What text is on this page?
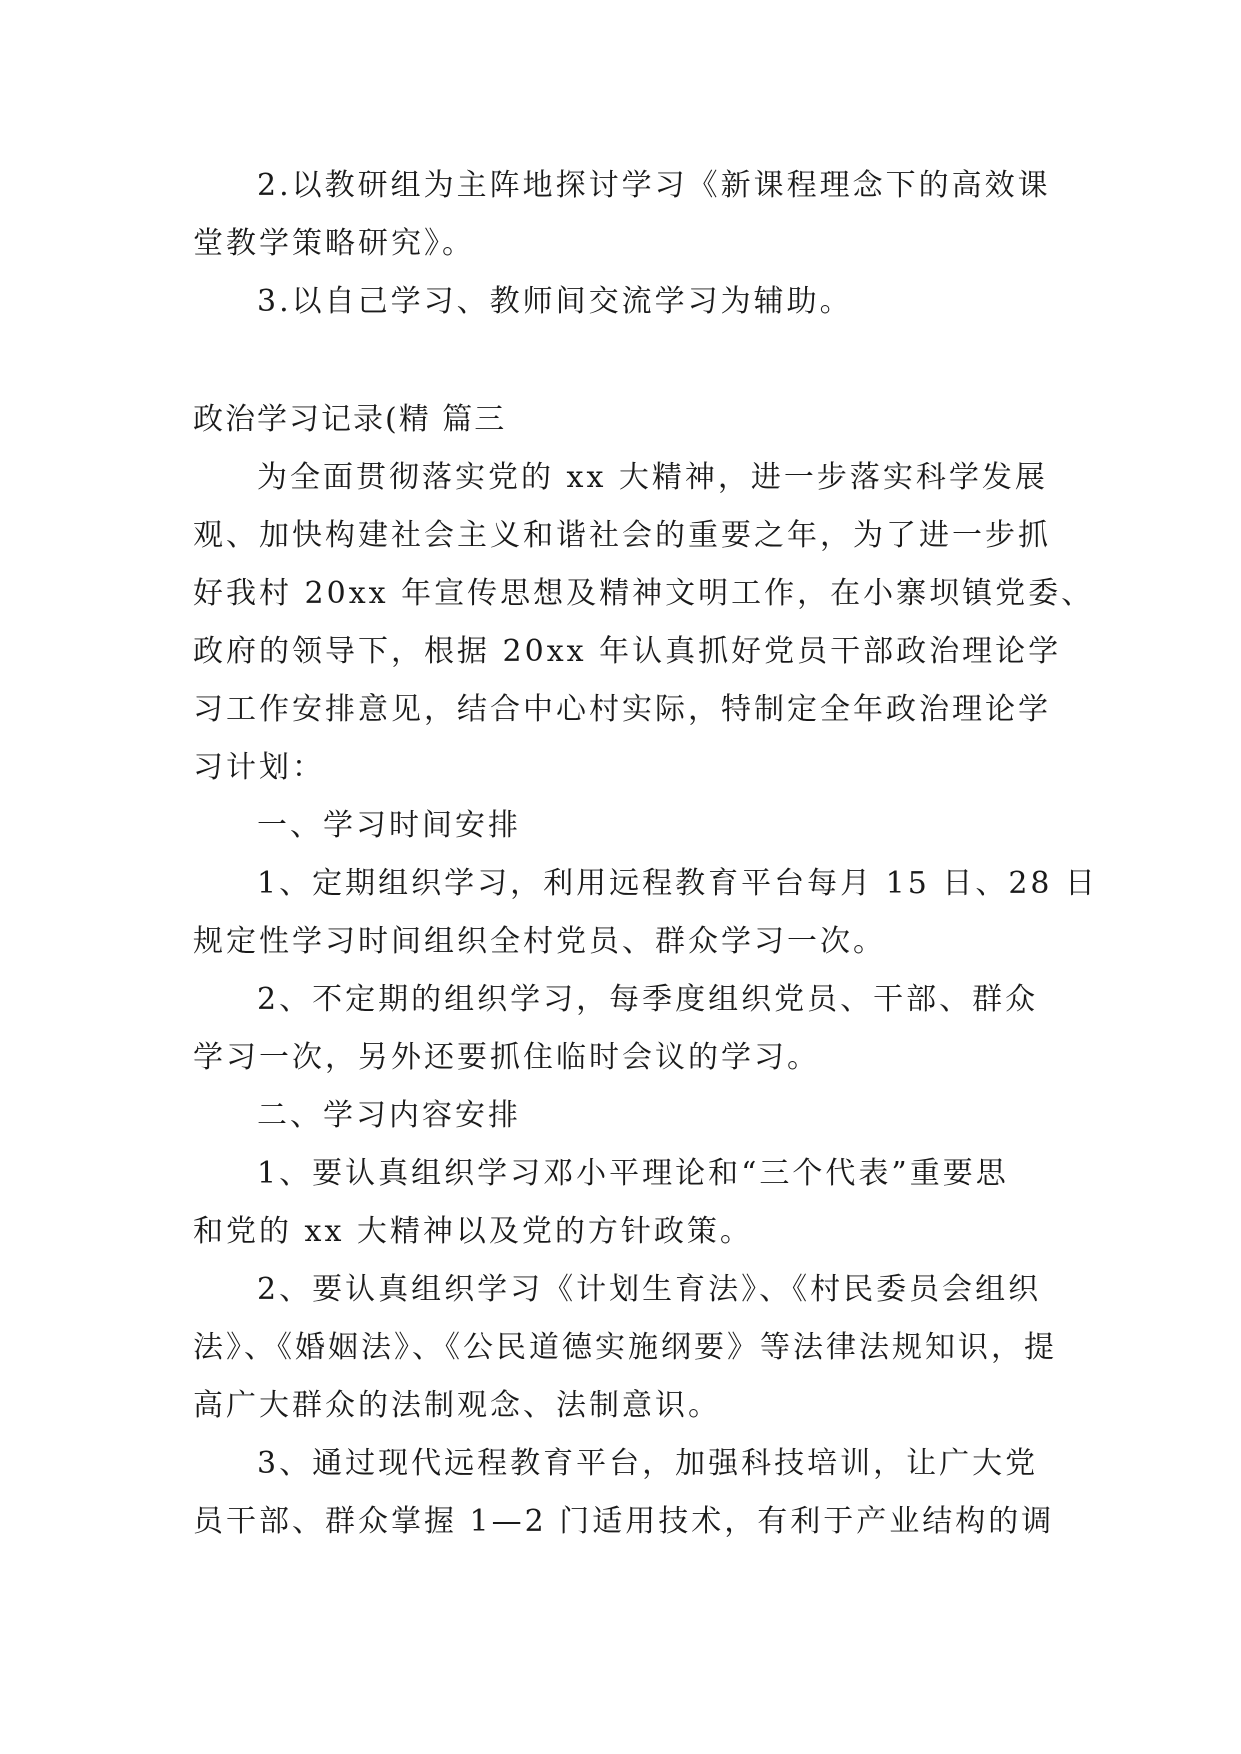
2.以教研组为主阵地探讨学习《新课程理念下的高效课
堂教学策略研究》。
3.以自己学习、教师间交流学习为辅助。
政治学习记录(精 篇三
为全面贯彻落实党的 xx 大精神，进一步落实科学发展
观、加快构建社会主义和谐社会的重要之年，为了进一步抓
好我村 20xx 年宣传思想及精神文明工作，在小寨坝镇党委、
政府的领导下，根据 20xx 年认真抓好党员干部政治理论学
习工作安排意见，结合中心村实际，特制定全年政治理论学
习计划：
一、学习时间安排
1、定期组织学习，利用远程教育平台每月 15 日、28 日
规定性学习时间组织全村党员、群众学习一次。
2、不定期的组织学习，每季度组织党员、干部、群众
学习一次，另外还要抓住临时会议的学习。
二、学习内容安排
1、要认真组织学习邓小平理论和“三个代表”重要思
和党的 xx 大精神以及党的方针政策。
2、要认真组织学习《计划生育法》、《村民委员会组织
法》、《婚姻法》、《公民道德实施纲要》等法律法规知识，提
高广大群众的法制观念、法制意识。
3、通过现代远程教育平台，加强科技培训，让广大党
员干部、群众掌握 1—2 门适用技术，有利于产业结构的调
